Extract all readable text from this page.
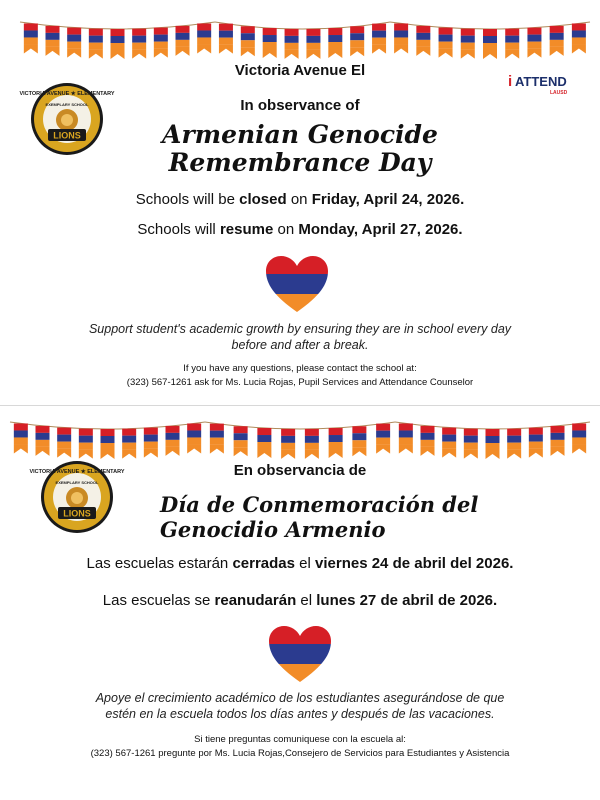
Victoria Avenue El
VICTORIA AVENUE ★ ELEMENTARY
EXEMPLARY SCHOOL
LIONS
i ATTEND
LAUSD
In observance of
Armenian Genocide
Remembrance Day
Schools will be closed on Friday, April 24, 2026.
Schools will resume on Monday, April 27, 2026.
Support student's academic growth by ensuring they are in school every day
before and after a break.
If you have any questions, please contact the school at:
(323) 567-1261 ask for Ms. Lucia Rojas, Pupil Services and Attendance Counselor
VICTORIA AVENUE ★ ELEMENTARY
EXEMPLARY SCHOOL
LIONS
En observancia de
Día de Conmemoración del
Genocidio Armenio
Las escuelas estarán cerradas el viernes 24 de abril del 2026.
Las escuelas se reanudarán el lunes 27 de abril de 2026.
Apoye el crecimiento académico de los estudiantes asegurándose de que
estén en la escuela todos los días antes y después de las vacaciones.
Si tiene preguntas comuniquese con la escuela al:
(323) 567-1261 pregunte por Ms. Lucia Rojas,Consejero de Servicios para Estudiantes y Asistencia
